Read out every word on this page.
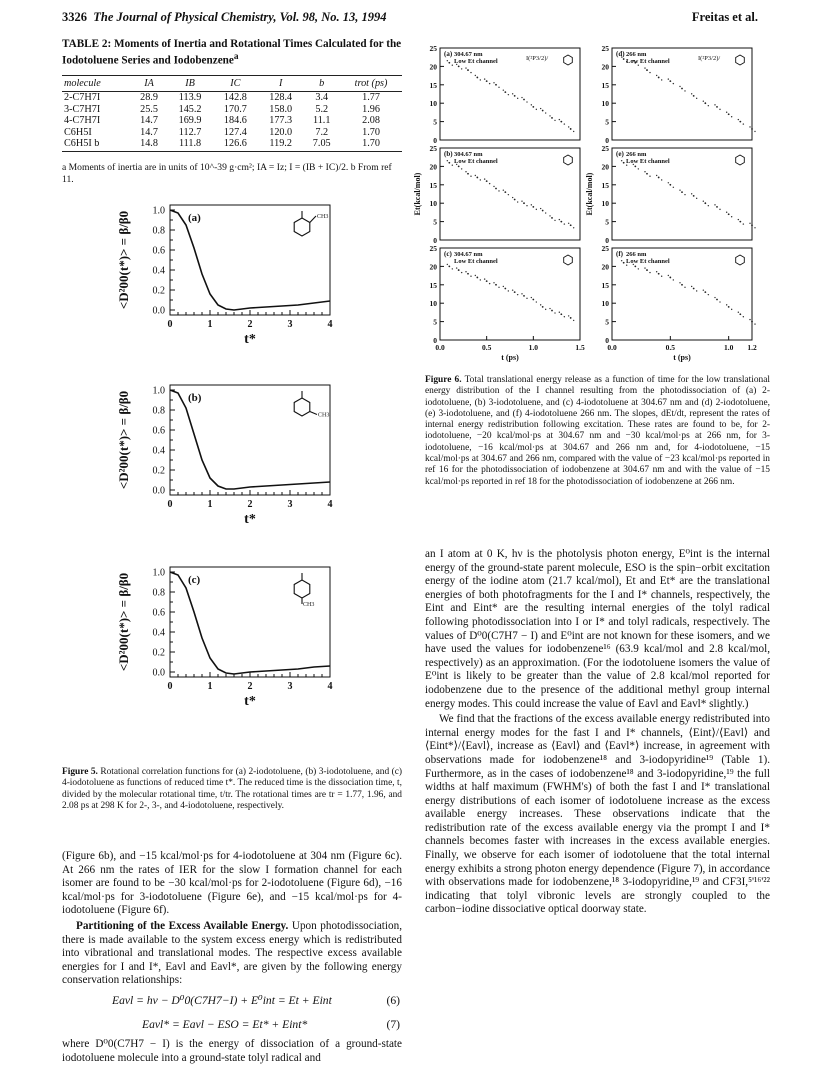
3326 The Journal of Physical Chemistry, Vol. 98, No. 13, 1994	Freitas et al.
TABLE 2: Moments of Inertia and Rotational Times Calculated for the Iodotoluene Series and Iodobenzene$^a$
molecule	IA	IB	IC	I	b	trot (ps)
2-C7H7I	28.9	113.9	142.8	128.4	3.4	1.77
3-C7H7I	25.5	145.2	170.7	158.0	5.2	1.96
4-C7H7I	14.7	169.9	184.6	177.3	11.1	2.08
C6H5I	14.7	112.7	127.4	120.0	7.2	1.70
C6H5I b	14.8	111.8	126.6	119.2	7.05	1.70
a Moments of inertia are in units of 10^-39 g·cm²; IA = Iz; I = (IB + IC)/2. b From ref 11.
1.0
0.8
0.6
0.4
0.2
0.0
0	1	2	3	4
t*
<D²00(t*)> = β/β0	(a)	CH3
1.0
0.8
0.6
0.4
0.2
0.0
0	1	2	3	4
t*
<D²00(t*)> = β/β0	(b)
CH3
1.0
0.8
0.6
0.4
0.2
0.0
0	1	2	3	4
t*
<D²00(t*)> = β/β0	(c)
CH3
Figure 5. Rotational correlation functions for (a) 2-iodotoluene, (b) 3-iodotoluene, and (c) 4-iodotoluene as functions of reduced time t*. The reduced time is the dissociation time, t, divided by the molecular rotational time, t/tr. The rotational times are tr = 1.77, 1.96, and 2.08 ps at 298 K for 2-, 3-, and 4-iodotoluene, respectively.

(Figure 6b), and −15 kcal/mol·ps for 4-iodotoluene at 304 nm (Figure 6c). At 266 nm the rates of IER for the slow I formation channel for each isomer are found to be −30 kcal/mol·ps for 2-iodotoluene (Figure 6d), −16 kcal/mol·ps for 3-iodotoluene (Figure 6e), and −15 kcal/mol·ps for 4-iodotoluene (Figure 6f).

Partitioning of the Excess Available Energy. Upon photodissociation, there is made available to the system excess energy which is redistributed into vibrational and translational modes. The respective excess available energies for I and I*, Eavl and Eavl*, are given by the following energy conservation relationships:

Eavl = hν − D⁰0(C7H7−I) + E⁰int = Et + Eint	(6)
Eavl* = Eavl − ESO = Et* + Eint*	(7)

where D⁰0(C7H7 − I) is the energy of dissociation of a ground-state iodotoluene molecule into a ground-state tolyl radical and

25
20
15
10
5
0
(a) 304.67 nm
Low Et channel	I(²P3/2)/
25
20
15
10
5
0
(d) 266 nm
Low Et channel	I(²P3/2)/
25
20
15
10
5
0
(b) 304.67 nm
Low Et channel
25
20
15
10
5
0
(e) 266 nm
Low Et channel
25
20
15
10
5
0
(c) 304.67 nm
Low Et channel
0.0	0.5	1.0	1.5
t (ps)
25
20
15
10
5
0
(f) 266 nm
Low Et channel
0.0	0.5	1.0 1.2
t (ps)
Et(kcal/mol)	Et(kcal/mol)
Figure 6. Total translational energy release as a function of time for the low translational energy distribution of the I channel resulting from the photodissociation of (a) 2-iodotoluene, (b) 3-iodotoluene, and (c) 4-iodotoluene at 304.67 nm and (d) 2-iodotoluene, (e) 3-iodotoluene, and (f) 4-iodotoluene 266 nm. The slopes, dEt/dt, represent the rates of internal energy redistribution following excitation. These rates are found to be, for 2-iodotoluene, −20 kcal/mol·ps at 304.67 nm and −30 kcal/mol·ps at 266 nm, for 3-iodotoluene, −16 kcal/mol·ps at 304.67 and 266 nm and, for 4-iodotoluene, −15 kcal/mol·ps at 304.67 and 266 nm, compared with the value of −23 kcal/mol·ps reported in ref 16 for the photodissociation of iodobenzene at 304.67 nm and with the value of −15 kcal/mol·ps reported in ref 18 for the photodissociation of iodobenzene at 266 nm.

an I atom at 0 K, hν is the photolysis photon energy, E⁰int is the internal energy of the ground-state parent molecule, ESO is the spin−orbit excitation energy of the iodine atom (21.7 kcal/mol), Et and Et* are the translational energies of both photofragments for the I and I* channels, respectively, the Eint and Eint* are the resulting internal energies of the tolyl radical following photodissociation into I or I* and tolyl radicals, respectively. The values of D⁰0(C7H7 − I) and E⁰int are not known for these isomers, and we have used the values for iodobenzene¹⁶ (63.9 kcal/mol and 2.8 kcal/mol, respectively) as an approximation. (For the iodotoluene isomers the value of E⁰int is likely to be greater than the value of 2.8 kcal/mol reported for iodobenzene due to the presence of the additional methyl group internal energy modes. This could increase the value of Eavl and Eavl* slightly.)

We find that the fractions of the excess available energy redistributed into internal energy modes for the fast I and I* channels, ⟨Eint⟩/⟨Eavl⟩ and ⟨Eint*⟩/⟨Eavl⟩, increase as ⟨Eavl⟩ and ⟨Eavl*⟩ increase, in agreement with observations made for iodobenzene¹⁸ and 3-iodopyridine¹⁹ (Table 1). Furthermore, as in the cases of iodobenzene¹⁸ and 3-iodopyridine,¹⁹ the full widths at half maximum (FWHM's) of both the fast I and I* translational energy distributions of each isomer of iodotoluene increase as the excess available energy increases. These observations indicate that the redistribution rate of the excess available energy via the prompt I and I* channels becomes faster with increases in the excess available energies. Finally, we observe for each isomer of iodotoluene that the total internal energy exhibits a strong photon energy dependence (Figure 7), in accordance with observations made for iodobenzene,¹⁸ 3-iodopyridine,¹⁹ and CF3I,⁵'¹⁶'²² indicating that tolyl vibronic levels are strongly coupled to the carbon−iodine dissociative optical doorway state.
